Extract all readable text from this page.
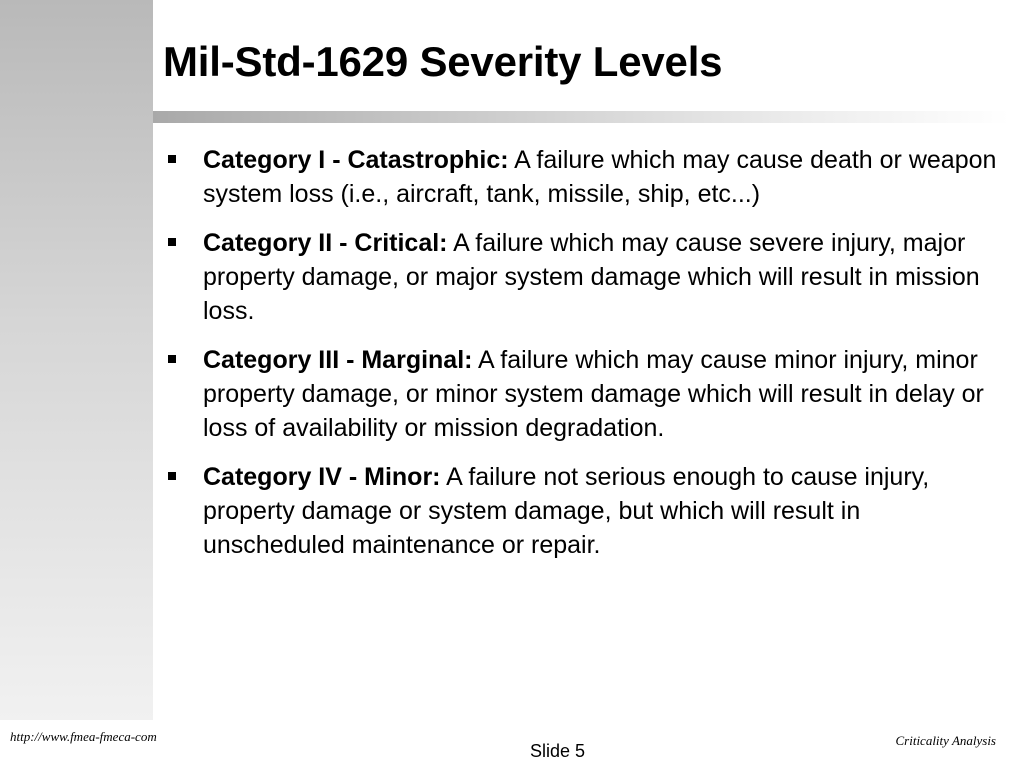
Mil-Std-1629 Severity Levels
Category I - Catastrophic: A failure which may cause death or weapon system loss (i.e., aircraft, tank, missile, ship, etc...)
Category II - Critical: A failure which may cause severe injury, major property damage, or major system damage which will result in mission loss.
Category III - Marginal: A failure which may cause minor injury, minor property damage, or minor system damage which will result in delay or loss of availability or mission degradation.
Category IV - Minor: A failure not serious enough to cause injury, property damage or system damage, but which will result in unscheduled maintenance or repair.
http://www.fmea-fmeca-com
Slide 5
Criticality Analysis
